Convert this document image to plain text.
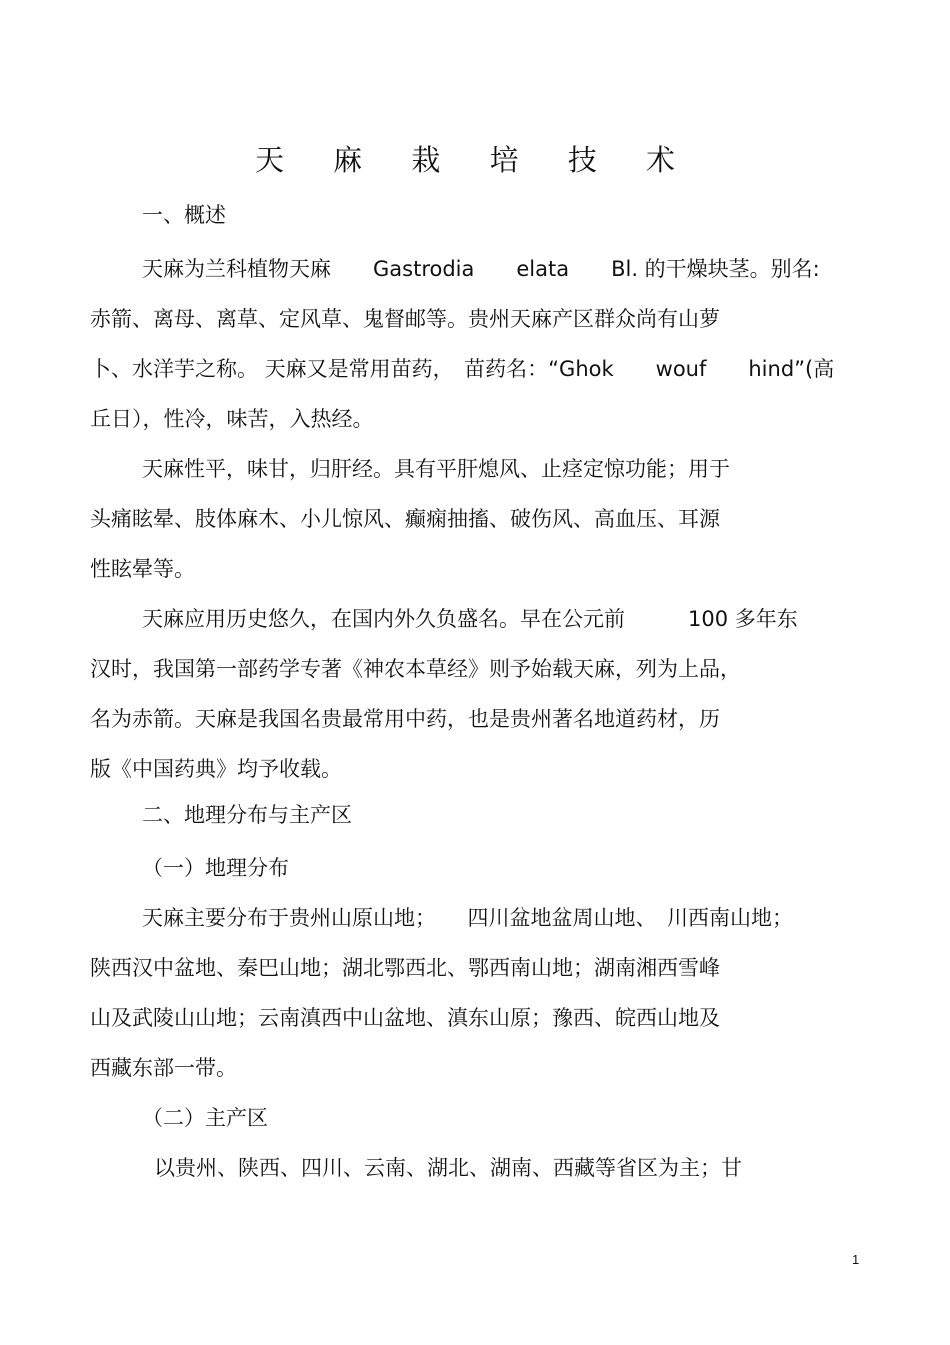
天 麻 栽 培 技 术
一、概述
天麻为兰科植物天麻　　Gastrodia　　elata　　Bl. 的干燥块茎。别名:
赤箭、离母、离草、定风草、鬼督邮等。贵州天麻产区群众尚有山萝
卜、水洋芋之称。 天麻又是常用苗药，　苗药名：“Ghok　　wouf　　hind”(高
丘日），性冷，味苦，入热经。
天麻性平，味甘，归肝经。具有平肝熄风、止痉定惊功能；用于
头痛眩晕、肢体麻木、小儿惊风、癫痫抽搐、破伤风、高血压、耳源
性眩晕等。
天麻应用历史悠久，在国内外久负盛名。早在公元前　　　100 多年东
汉时，我国第一部药学专著《神农本草经》则予始载天麻，列为上品，
名为赤箭。天麻是我国名贵最常用中药，也是贵州著名地道药材，历
版《中国药典》均予收载。
二、地理分布与主产区
（一）地理分布
天麻主要分布于贵州山原山地；　　四川盆地盆周山地、　川西南山地；
陕西汉中盆地、秦巴山地；湖北鄂西北、鄂西南山地；湖南湘西雪峰
山及武陵山山地；云南滇西中山盆地、滇东山原；豫西、皖西山地及
西藏东部一带。
（二）主产区
以贵州、陕西、四川、云南、湖北、湖南、西藏等省区为主；甘
1
